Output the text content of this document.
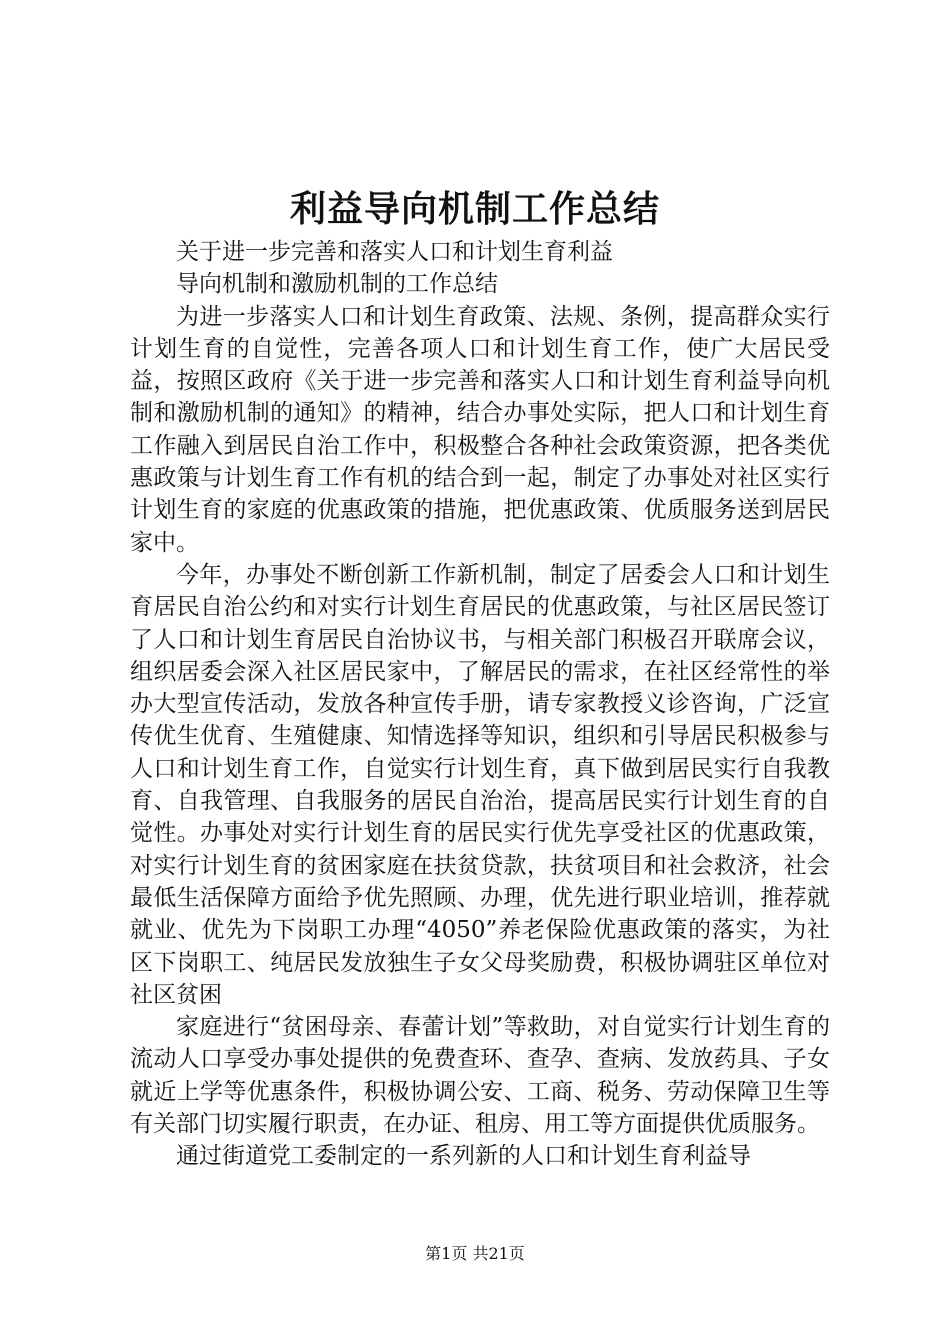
利益导向机制工作总结

关于进一步完善和落实人口和计划生育利益

导向机制和激励机制的工作总结

为进一步落实人口和计划生育政策、法规、条例，提高群众实行计划生育的自觉性，完善各项人口和计划生育工作，使广大居民受益，按照区政府《关于进一步完善和落实人口和计划生育利益导向机制和激励机制的通知》的精神，结合办事处实际，把人口和计划生育工作融入到居民自治工作中，积极整合各种社会政策资源，把各类优惠政策与计划生育工作有机的结合到一起，制定了办事处对社区实行计划生育的家庭的优惠政策的措施，把优惠政策、优质服务送到居民家中。

今年，办事处不断创新工作新机制，制定了居委会人口和计划生育居民自治公约和对实行计划生育居民的优惠政策，与社区居民签订了人口和计划生育居民自治协议书，与相关部门积极召开联席会议，组织居委会深入社区居民家中，了解居民的需求，在社区经常性的举办大型宣传活动，发放各种宣传手册，请专家教授义诊咨询，广泛宣传优生优育、生殖健康、知情选择等知识，组织和引导居民积极参与人口和计划生育工作，自觉实行计划生育，真下做到居民实行自我教育、自我管理、自我服务的居民自治治，提高居民实行计划生育的自觉性。办事处对实行计划生育的居民实行优先享受社区的优惠政策，对实行计划生育的贫困家庭在扶贫贷款，扶贫项目和社会救济，社会最低生活保障方面给予优先照顾、办理，优先进行职业培训，推荐就就业、优先为下岗职工办理“4050”养老保险优惠政策的落实，为社区下岗职工、纯居民发放独生子女父母奖励费，积极协调驻区单位对社区贫困

家庭进行“贫困母亲、春蕾计划”等救助，对自觉实行计划生育的流动人口享受办事处提供的免费查环、查孕、查病、发放药具、子女就近上学等优惠条件，积极协调公安、工商、税务、劳动保障卫生等有关部门切实履行职责，在办证、租房、用工等方面提供优质服务。

通过街道党工委制定的一系列新的人口和计划生育利益导

第1页 共21页
